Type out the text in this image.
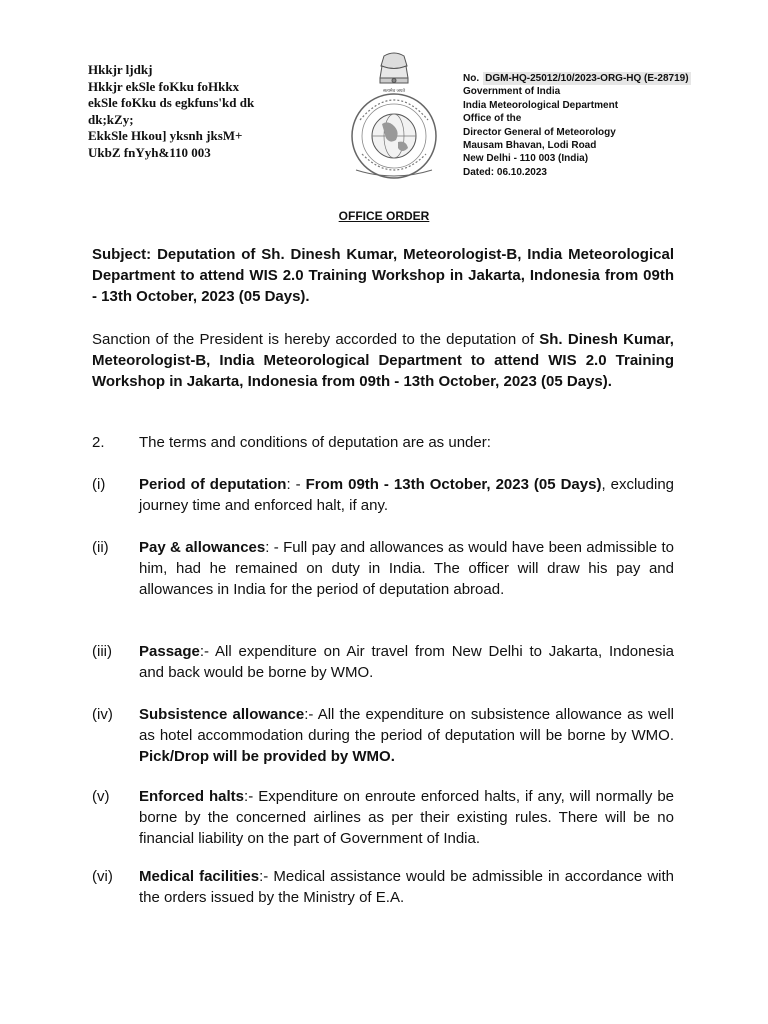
Hkkjr ljdkj
Hkkjr ekSle foKku foHkkx
ekSle foKku ds egkfuns'kd dk
dk;kZy;
EkkSle Hkou] yksnh jksM+
UkbZ fnYyh&110 003
सत्यमेव जयते
No. DGM-HQ-25012/10/2023-ORG-HQ (E-28719)
Government of India
India Meteorological Department
Office of the
Director General of Meteorology
Mausam Bhavan, Lodi Road
New Delhi - 110 003 (India)
Dated: 06.10.2023
OFFICE ORDER
Subject: Deputation of Sh. Dinesh Kumar, Meteorologist-B, India Meteorological Department to attend WIS 2.0 Training Workshop in Jakarta, Indonesia from 09th - 13th October, 2023 (05 Days).
Sanction of the President is hereby accorded to the deputation of Sh. Dinesh Kumar, Meteorologist-B, India Meteorological Department to attend WIS 2.0 Training Workshop in Jakarta, Indonesia from 09th - 13th October, 2023 (05 Days).
2.	The terms and conditions of deputation are as under:
(i)	Period of deputation: - From 09th - 13th October, 2023 (05 Days), excluding journey time and enforced halt, if any.
(ii)	Pay & allowances: - Full pay and allowances as would have been admissible to him, had he remained on duty in India. The officer will draw his pay and allowances in India for the period of deputation abroad.
(iii)	Passage:- All expenditure on Air travel from New Delhi to Jakarta, Indonesia and back would be borne by WMO.
(iv)	Subsistence allowance:- All the expenditure on subsistence allowance as well as hotel accommodation during the period of deputation will be borne by WMO. Pick/Drop will be provided by WMO.
(v)	Enforced halts:- Expenditure on enroute enforced halts, if any, will normally be borne by the concerned airlines as per their existing rules. There will be no financial liability on the part of Government of India.
(vi)	Medical facilities:- Medical assistance would be admissible in accordance with the orders issued by the Ministry of E.A.
